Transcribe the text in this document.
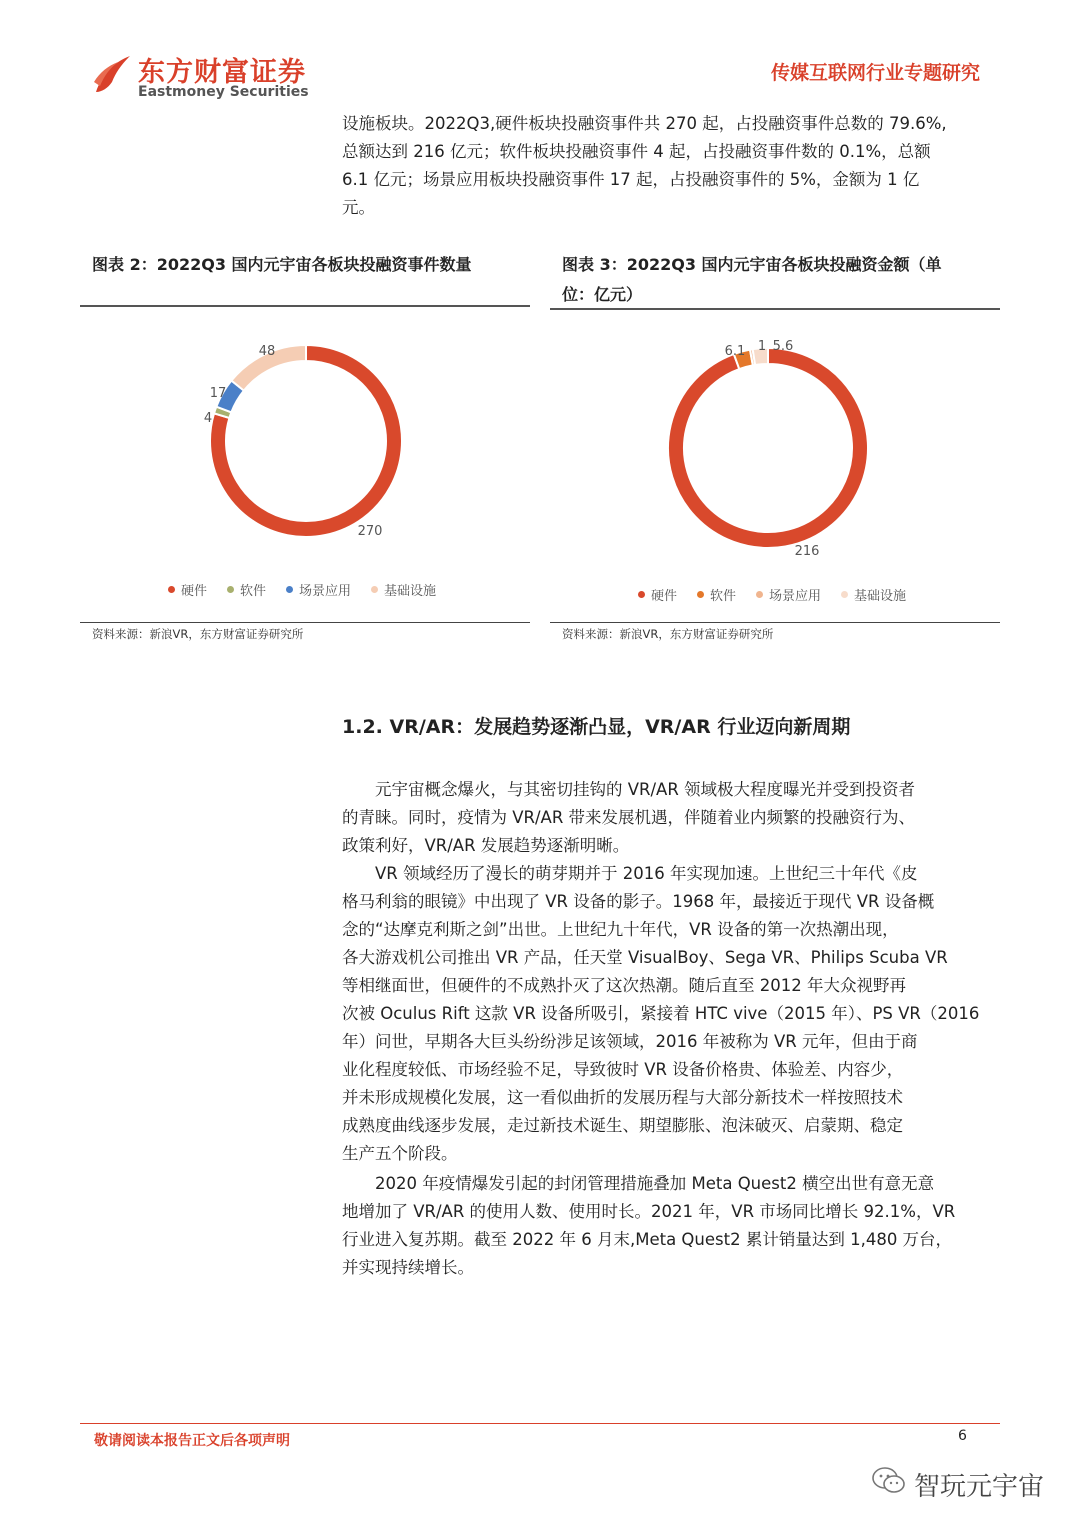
东方财富证券
Eastmoney Securities
传媒互联网行业专题研究

设施板块。2022Q3,硬件板块投融资事件共 270 起，占投融资事件总数的 79.6%,

总额达到 216 亿元；软件板块投融资事件 4 起，占投融资事件数的 0.1%，总额

6.1 亿元；场景应用板块投融资事件 17 起，占投融资事件的 5%，金额为 1 亿

元。

图表 2：2022Q3 国内元宇宙各板块投融资事件数量
270
4
17
48
硬件	软件	场景应用	基础设施
资料来源：新浪VR，东方财富证券研究所
图表 3：2022Q3 国内元宇宙各板块投融资金额（单
位：亿元）
216
6.1 1 5.6
硬件	软件	场景应用	基础设施
资料来源：新浪VR，东方财富证券研究所
1.2. VR/AR：发展趋势逐渐凸显，VR/AR 行业迈向新周期

元宇宙概念爆火，与其密切挂钩的 VR/AR 领域极大程度曝光并受到投资者

的青睐。同时，疫情为 VR/AR 带来发展机遇，伴随着业内频繁的投融资行为、

政策利好，VR/AR 发展趋势逐渐明晰。

VR 领域经历了漫长的萌芽期并于 2016 年实现加速。上世纪三十年代《皮

格马利翁的眼镜》中出现了 VR 设备的影子。1968 年，最接近于现代 VR 设备概

念的“达摩克利斯之剑”出世。上世纪九十年代，VR 设备的第一次热潮出现，

各大游戏机公司推出 VR 产品，任天堂 VisualBoy、Sega VR、Philips Scuba VR

等相继面世，但硬件的不成熟扑灭了这次热潮。随后直至 2012 年大众视野再

次被 Oculus Rift 这款 VR 设备所吸引，紧接着 HTC vive（2015 年）、PS VR（2016

年）问世，早期各大巨头纷纷涉足该领域，2016 年被称为 VR 元年，但由于商

业化程度较低、市场经验不足，导致彼时 VR 设备价格贵、体验差、内容少，

并未形成规模化发展，这一看似曲折的发展历程与大部分新技术一样按照技术

成熟度曲线逐步发展，走过新技术诞生、期望膨胀、泡沫破灭、启蒙期、稳定

生产五个阶段。

2020 年疫情爆发引起的封闭管理措施叠加 Meta Quest2 横空出世有意无意

地增加了 VR/AR 的使用人数、使用时长。2021 年，VR 市场同比增长 92.1%，VR

行业进入复苏期。截至 2022 年 6 月末,Meta Quest2 累计销量达到 1,480 万台，

并实现持续增长。

敬请阅读本报告正文后各项声明	6
智玩元宇宙
